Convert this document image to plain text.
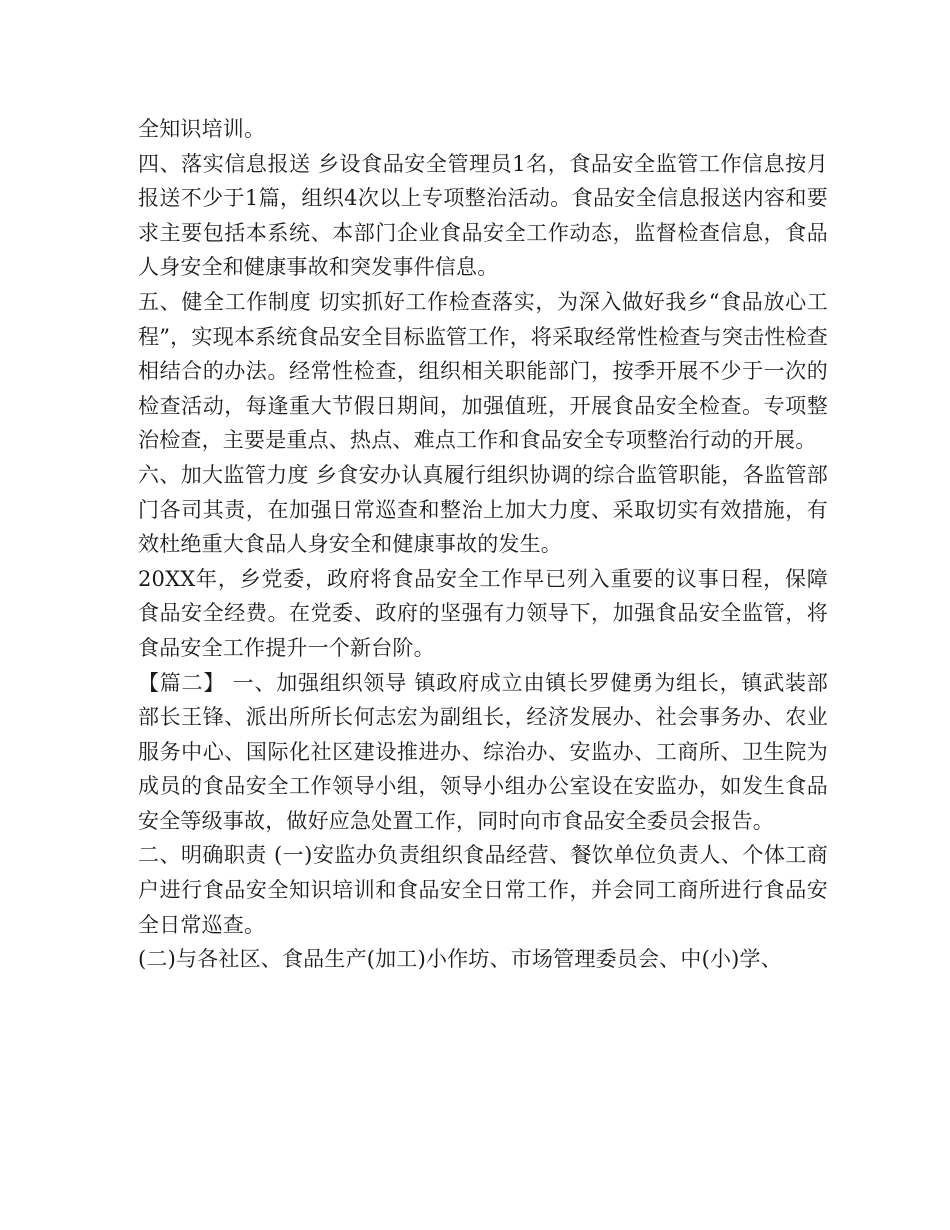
全知识培训。

四、落实信息报送 乡设食品安全管理员1名，食品安全监管工作信息按月报送不少于1篇，组织4次以上专项整治活动。食品安全信息报送内容和要求主要包括本系统、本部门企业食品安全工作动态，监督检查信息，食品人身安全和健康事故和突发事件信息。

五、健全工作制度 切实抓好工作检查落实，为深入做好我乡“食品放心工程”，实现本系统食品安全目标监管工作，将采取经常性检查与突击性检查相结合的办法。经常性检查，组织相关职能部门，按季开展不少于一次的检查活动，每逢重大节假日期间，加强值班，开展食品安全检查。专项整治检查，主要是重点、热点、难点工作和食品安全专项整治行动的开展。

六、加大监管力度 乡食安办认真履行组织协调的综合监管职能，各监管部门各司其责，在加强日常巡查和整治上加大力度、采取切实有效措施，有效杜绝重大食品人身安全和健康事故的发生。

20XX年，乡党委，政府将食品安全工作早已列入重要的议事日程，保障食品安全经费。在党委、政府的坚强有力领导下，加强食品安全监管，将食品安全工作提升一个新台阶。

【篇二】 一、加强组织领导 镇政府成立由镇长罗健勇为组长，镇武装部部长王锋、派出所所长何志宏为副组长，经济发展办、社会事务办、农业服务中心、国际化社区建设推进办、综治办、安监办、工商所、卫生院为成员的食品安全工作领导小组，领导小组办公室设在安监办，如发生食品安全等级事故，做好应急处置工作，同时向市食品安全委员会报告。

二、明确职责 (一)安监办负责组织食品经营、餐饮单位负责人、个体工商户进行食品安全知识培训和食品安全日常工作，并会同工商所进行食品安全日常巡查。

(二)与各社区、食品生产(加工)小作坊、市场管理委员会、中(小)学、
